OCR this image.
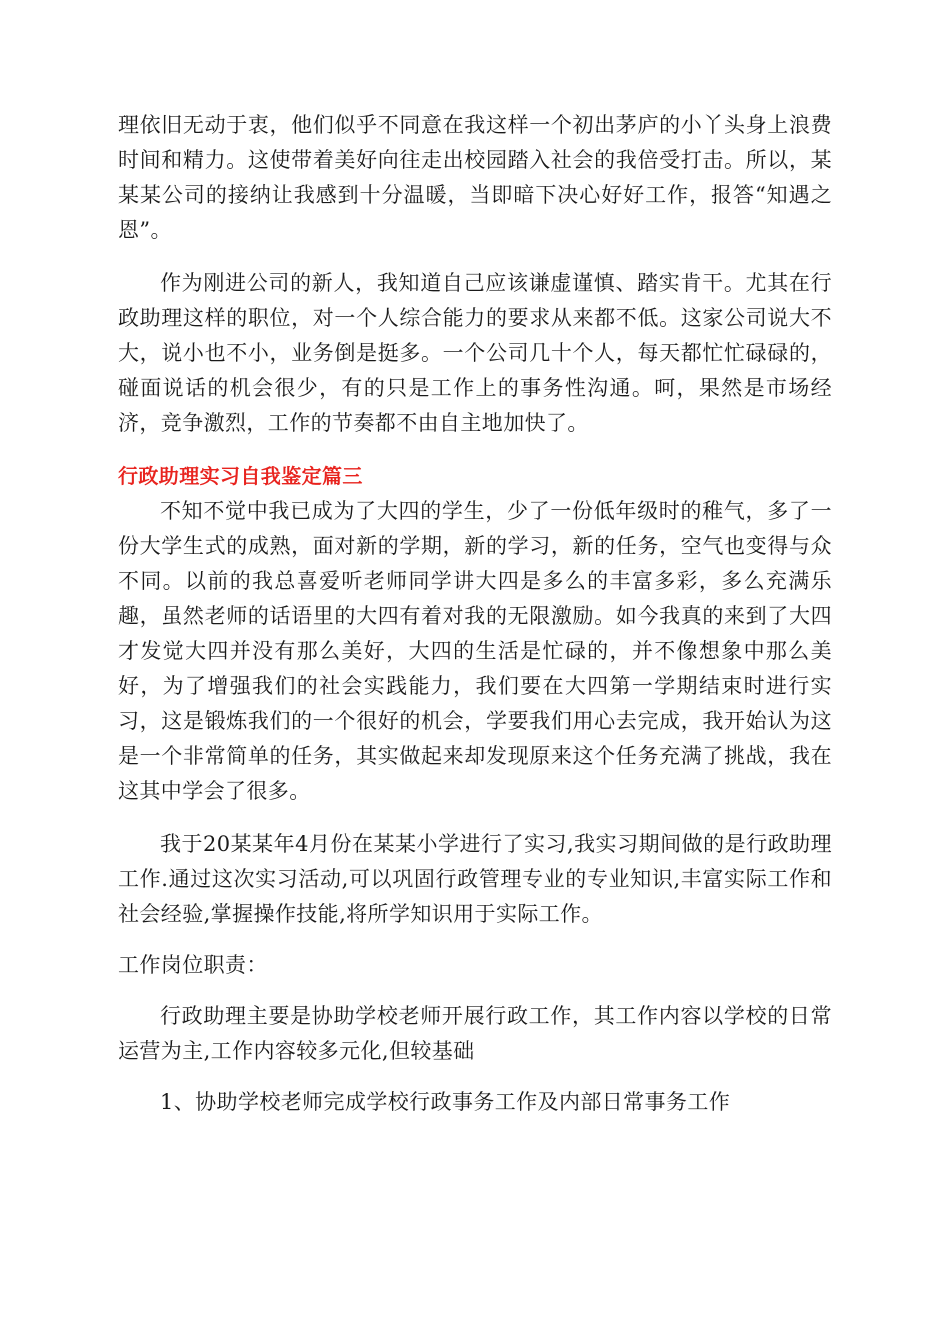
理依旧无动于衷，他们似乎不同意在我这样一个初出茅庐的小丫头身上浪费时间和精力。这使带着美好向往走出校园踏入社会的我倍受打击。所以，某某某公司的接纳让我感到十分温暖，当即暗下决心好好工作，报答“知遇之恩”。

作为刚进公司的新人，我知道自己应该谦虚谨慎、踏实肯干。尤其在行政助理这样的职位，对一个人综合能力的要求从来都不低。这家公司说大不大，说小也不小，业务倒是挺多。一个公司几十个人，每天都忙忙碌碌的，碰面说话的机会很少，有的只是工作上的事务性沟通。呵，果然是市场经济，竞争激烈，工作的节奏都不由自主地加快了。

行政助理实习自我鉴定篇三

不知不觉中我已成为了大四的学生，少了一份低年级时的稚气，多了一份大学生式的成熟，面对新的学期，新的学习，新的任务，空气也变得与众不同。以前的我总喜爱听老师同学讲大四是多么的丰富多彩，多么充满乐趣，虽然老师的话语里的大四有着对我的无限激励。如今我真的来到了大四才发觉大四并没有那么美好，大四的生活是忙碌的，并不像想象中那么美好，为了增强我们的社会实践能力，我们要在大四第一学期结束时进行实习，这是锻炼我们的一个很好的机会，学要我们用心去完成，我开始认为这是一个非常简单的任务，其实做起来却发现原来这个任务充满了挑战，我在这其中学会了很多。

我于20某某年4月份在某某小学进行了实习,我实习期间做的是行政助理工作.通过这次实习活动,可以巩固行政管理专业的专业知识,丰富实际工作和社会经验,掌握操作技能,将所学知识用于实际工作。

工作岗位职责：

行政助理主要是协助学校老师开展行政工作，其工作内容以学校的日常运营为主,工作内容较多元化,但较基础

1、协助学校老师完成学校行政事务工作及内部日常事务工作
